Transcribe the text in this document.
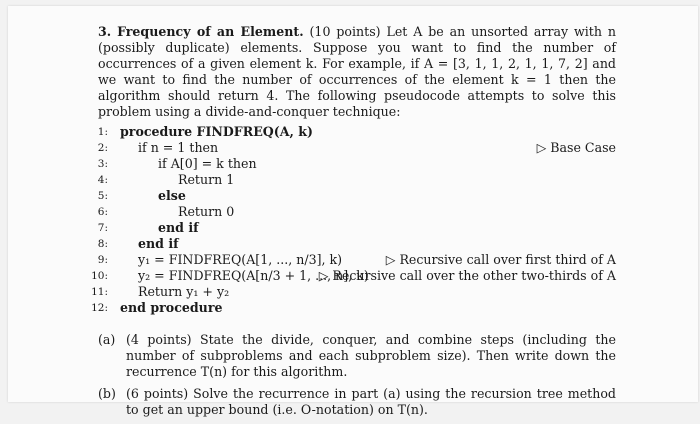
3. Frequency of an Element. (10 points) Let A be an unsorted array with n (possibly duplicate) elements. Suppose you want to find the number of occurrences of a given element k. For example, if A = [3, 1, 1, 2, 1, 1, 7, 2] and we want to find the number of occurrences of the element k = 1 then the algorithm should return 4. The following pseudocode attempts to solve this problem using a divide-and-conquer technique:

1: procedure FINDFREQ(A, k)
2: if n = 1 then	▷ Base Case
3:	if A[0] = k then
4:	Return 1
5:	else
6:	Return 0
7:	end if
8: end if
9: y₁ = FINDFREQ(A[1, ..., n/3], k)	▷ Recursive call over first third of A
10: y₂ = FINDFREQ(A[n/3 + 1, ..., n], k)
▷ Recursive call over the other two-thirds of A
11: Return y₁ + y₂
12: end procedure
(a) (4 points) State the divide, conquer, and combine steps (including the number of subproblems and each subproblem size). Then write down the recurrence T(n) for this algorithm.
(b) (6 points) Solve the recurrence in part (a) using the recursion tree method to get an upper bound (i.e. O-notation) on T(n).
